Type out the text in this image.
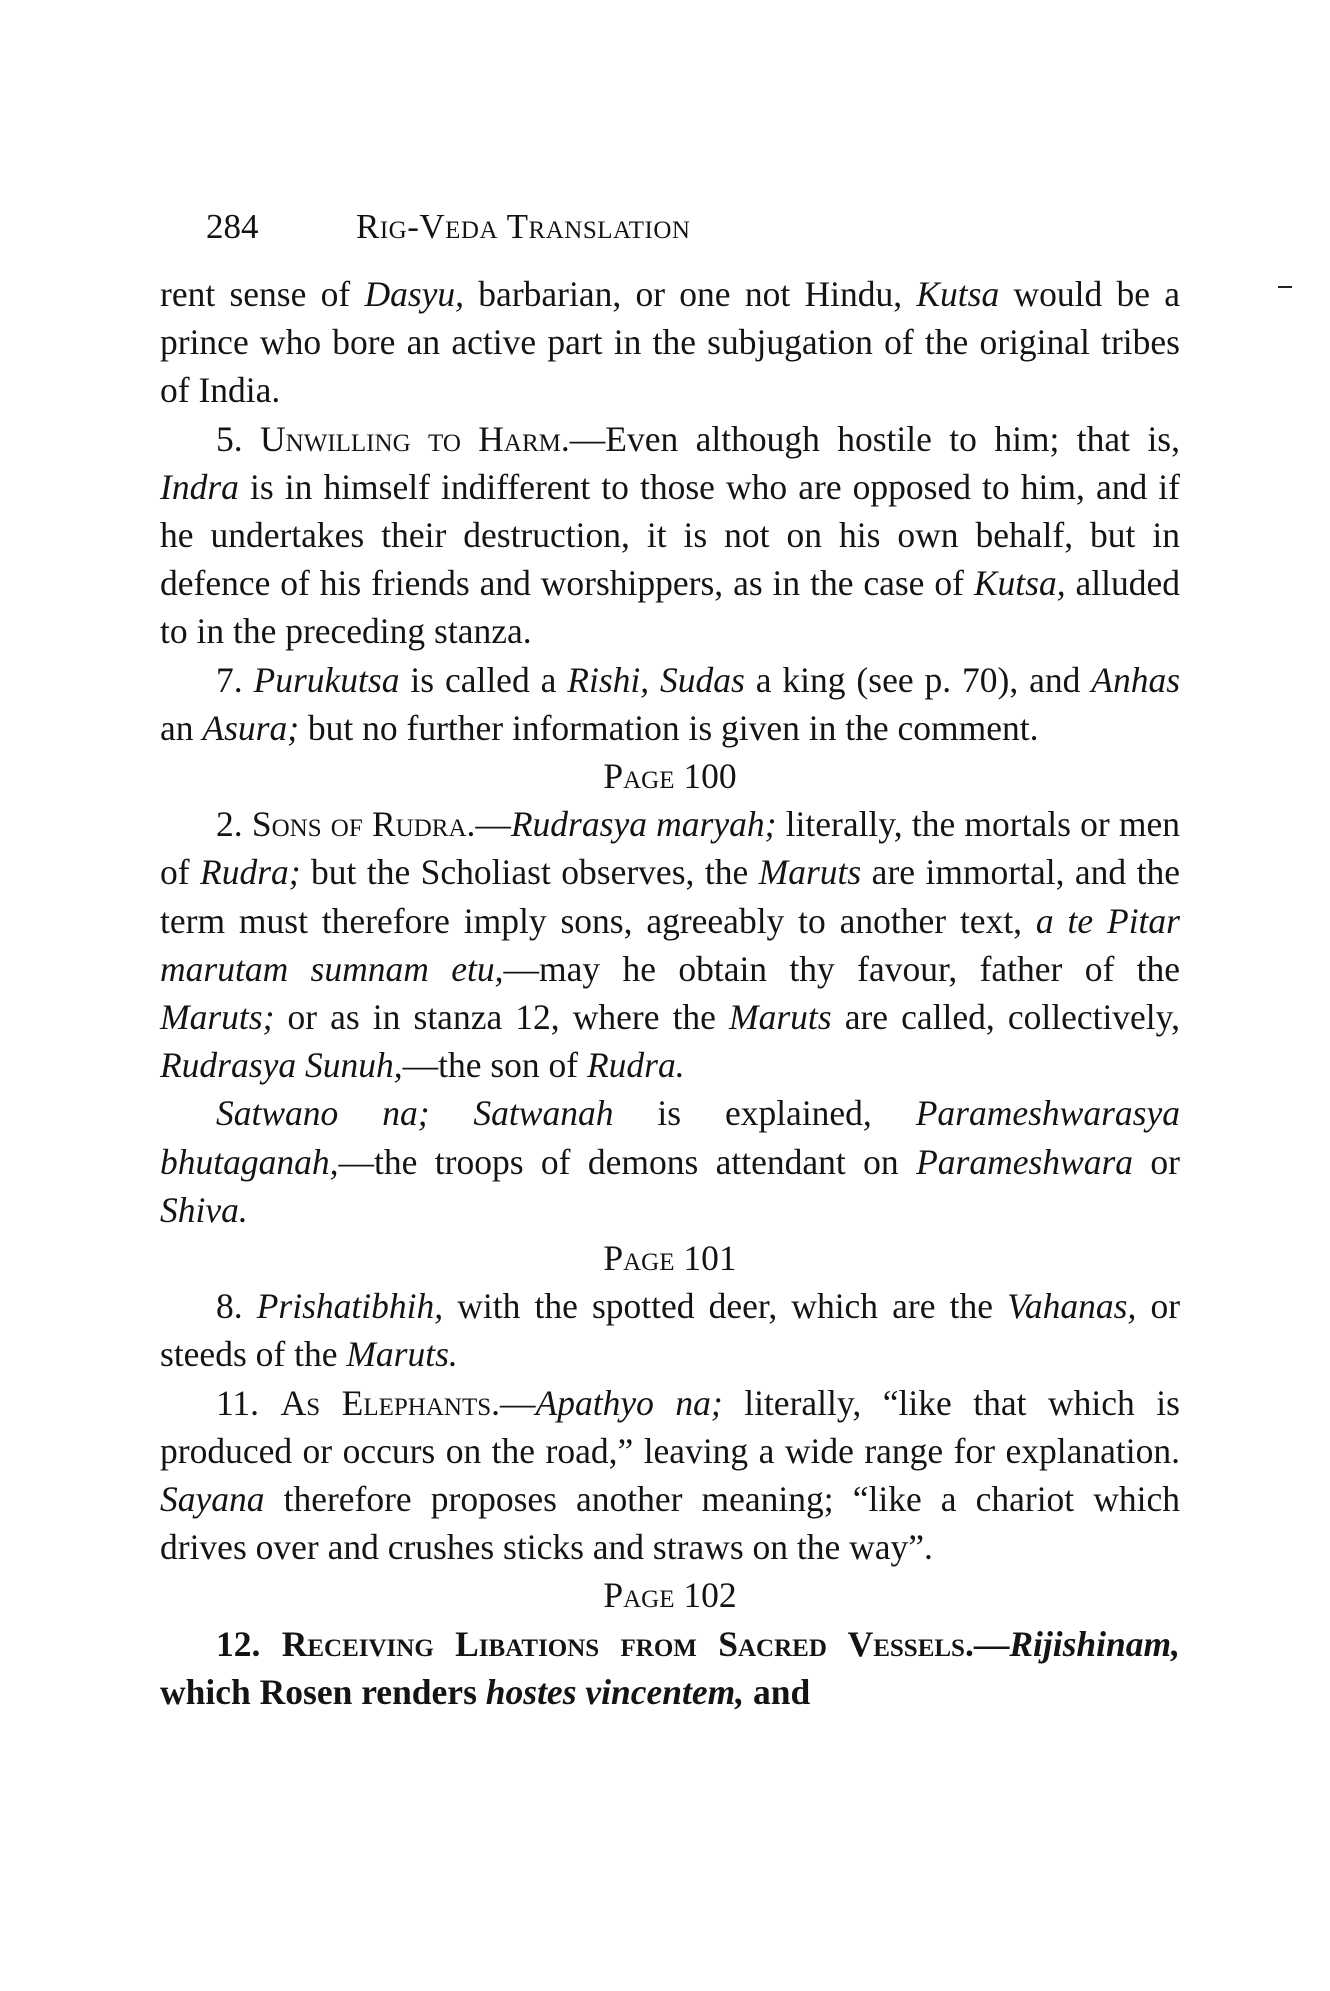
284	Rig-Veda Translation

rent sense of Dasyu, barbarian, or one not Hindu, Kutsa would be a prince who bore an active part in the subjugation of the original tribes of India.

5. Unwilling to Harm.—Even although hostile to him; that is, Indra is in himself indifferent to those who are opposed to him, and if he undertakes their destruction, it is not on his own behalf, but in defence of his friends and worshippers, as in the case of Kutsa, alluded to in the preceding stanza.

7. Purukutsa is called a Rishi, Sudas a king (see p. 70), and Anhas an Asura; but no further information is given in the comment.

Page 100

2. Sons of Rudra.—Rudrasya maryah; literally, the mortals or men of Rudra; but the Scholiast observes, the Maruts are immortal, and the term must therefore imply sons, agreeably to another text, a te Pitar marutam sumnam etu,—may he obtain thy favour, father of the Maruts; or as in stanza 12, where the Maruts are called, collectively, Rudrasya Sunuh,—the son of Rudra.

Satwano na; Satwanah is explained, Parameshwarasya bhutaganah,—the troops of demons attendant on Parameshwara or Shiva.

Page 101

8. Prishatibhih, with the spotted deer, which are the Vahanas, or steeds of the Maruts.

11. As Elephants.—Apathyo na; literally, “like that which is produced or occurs on the road,” leaving a wide range for explanation. Sayana therefore proposes another meaning; “like a chariot which drives over and crushes sticks and straws on the way”.

Page 102

12. Receiving Libations from Sacred Vessels.—Rijishinam, which Rosen renders hostes vincentem, and
